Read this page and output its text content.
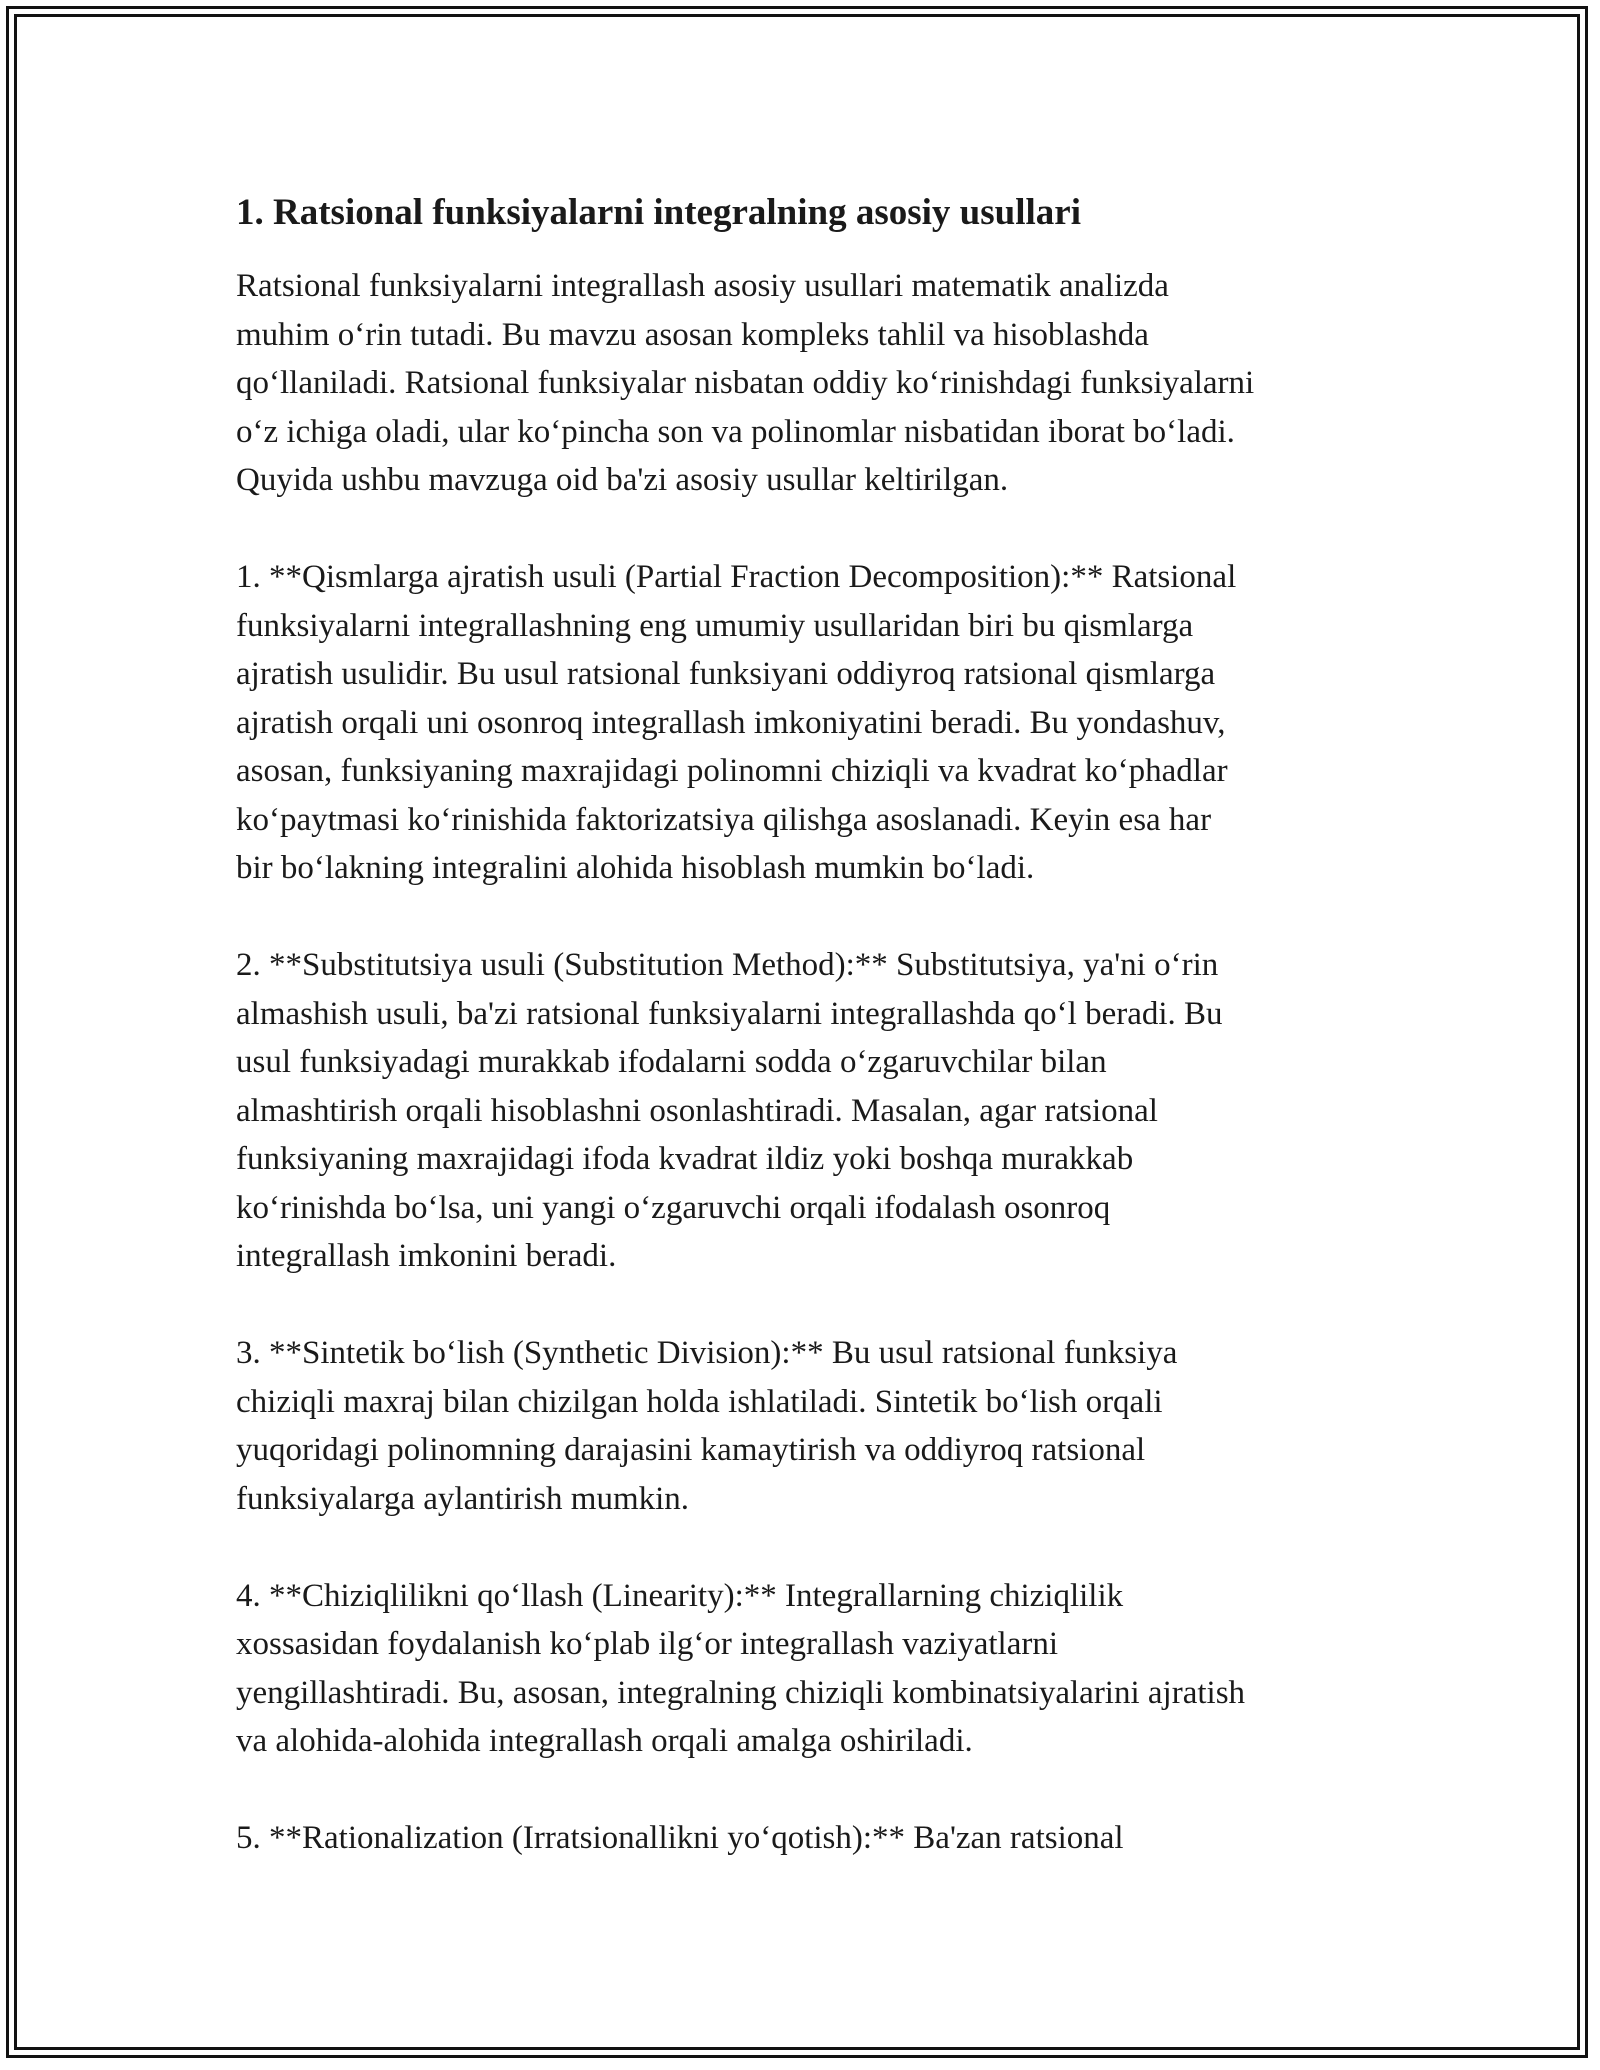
1. Ratsional funksiyalarni integralning asosiy usullari

Ratsional funksiyalarni integrallash asosiy usullari matematik analizda
muhim o‘rin tutadi. Bu mavzu asosan kompleks tahlil va hisoblashda
qo‘llaniladi. Ratsional funksiyalar nisbatan oddiy ko‘rinishdagi funksiyalarni
o‘z ichiga oladi, ular ko‘pincha son va polinomlar nisbatidan iborat bo‘ladi.
Quyida ushbu mavzuga oid ba'zi asosiy usullar keltirilgan.

1. **Qismlarga ajratish usuli (Partial Fraction Decomposition):** Ratsional
funksiyalarni integrallashning eng umumiy usullaridan biri bu qismlarga
ajratish usulidir. Bu usul ratsional funksiyani oddiyroq ratsional qismlarga
ajratish orqali uni osonroq integrallash imkoniyatini beradi. Bu yondashuv,
asosan, funksiyaning maxrajidagi polinomni chiziqli va kvadrat ko‘phadlar
ko‘paytmasi ko‘rinishida faktorizatsiya qilishga asoslanadi. Keyin esa har
bir bo‘lakning integralini alohida hisoblash mumkin bo‘ladi.

2. **Substitutsiya usuli (Substitution Method):** Substitutsiya, ya'ni o‘rin
almashish usuli, ba'zi ratsional funksiyalarni integrallashda qo‘l beradi. Bu
usul funksiyadagi murakkab ifodalarni sodda o‘zgaruvchilar bilan
almashtirish orqali hisoblashni osonlashtiradi. Masalan, agar ratsional
funksiyaning maxrajidagi ifoda kvadrat ildiz yoki boshqa murakkab
ko‘rinishda bo‘lsa, uni yangi o‘zgaruvchi orqali ifodalash osonroq
integrallash imkonini beradi.

3. **Sintetik bo‘lish (Synthetic Division):** Bu usul ratsional funksiya
chiziqli maxraj bilan chizilgan holda ishlatiladi. Sintetik bo‘lish orqali
yuqoridagi polinomning darajasini kamaytirish va oddiyroq ratsional
funksiyalarga aylantirish mumkin.

4. **Chiziqlilikni qo‘llash (Linearity):** Integrallarning chiziqlilik
xossasidan foydalanish ko‘plab ilg‘or integrallash vaziyatlarni
yengillashtiradi. Bu, asosan, integralning chiziqli kombinatsiyalarini ajratish
va alohida-alohida integrallash orqali amalga oshiriladi.

5. **Rationalization (Irratsionallikni yo‘qotish):** Ba'zan ratsional
